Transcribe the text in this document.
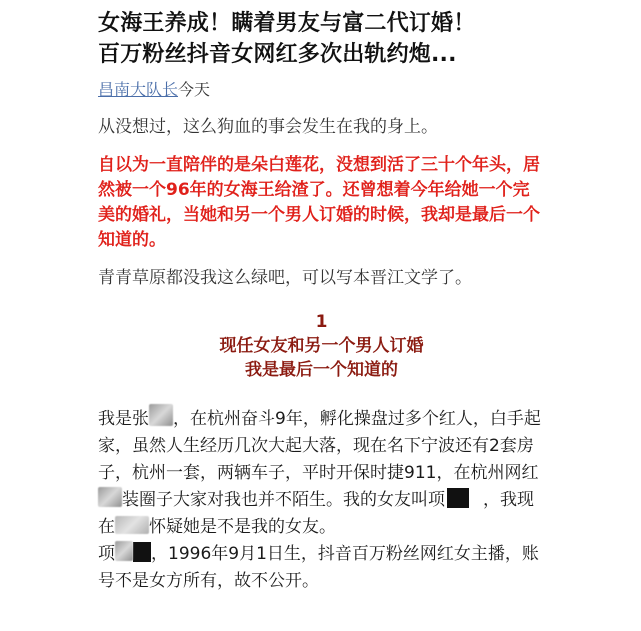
女海王养成！瞒着男友与富二代订婚！
百万粉丝抖音女网红多次出轨约炮...
昌南大队长今天

从没想过，这么狗血的事会发生在我的身上。

自以为一直陪伴的是朵白莲花，没想到活了三十个年头，居然被一个96年的女海王给渣了。还曾想着今年给她一个完美的婚礼，当她和另一个男人订婚的时候，我却是最后一个知道的。

青青草原都没我这么绿吧，可以写本晋江文学了。

1
现任女友和另一个男人订婚
我是最后一个知道的

我是张 ，在杭州奋斗9年，孵化操盘过多个红人，白手起家，虽然人生经历几次大起大落，现在名下宁波还有2套房子，杭州一套，两辆车子，平时开保时捷911，在杭州网红装圈子大家对我也并不陌生。我的女友叫项 ，我现在 怀疑她是不是我的女友。
项 ，1996年9月1日生，抖音百万粉丝网红女主播，账号不是女方所有，故不公开。
